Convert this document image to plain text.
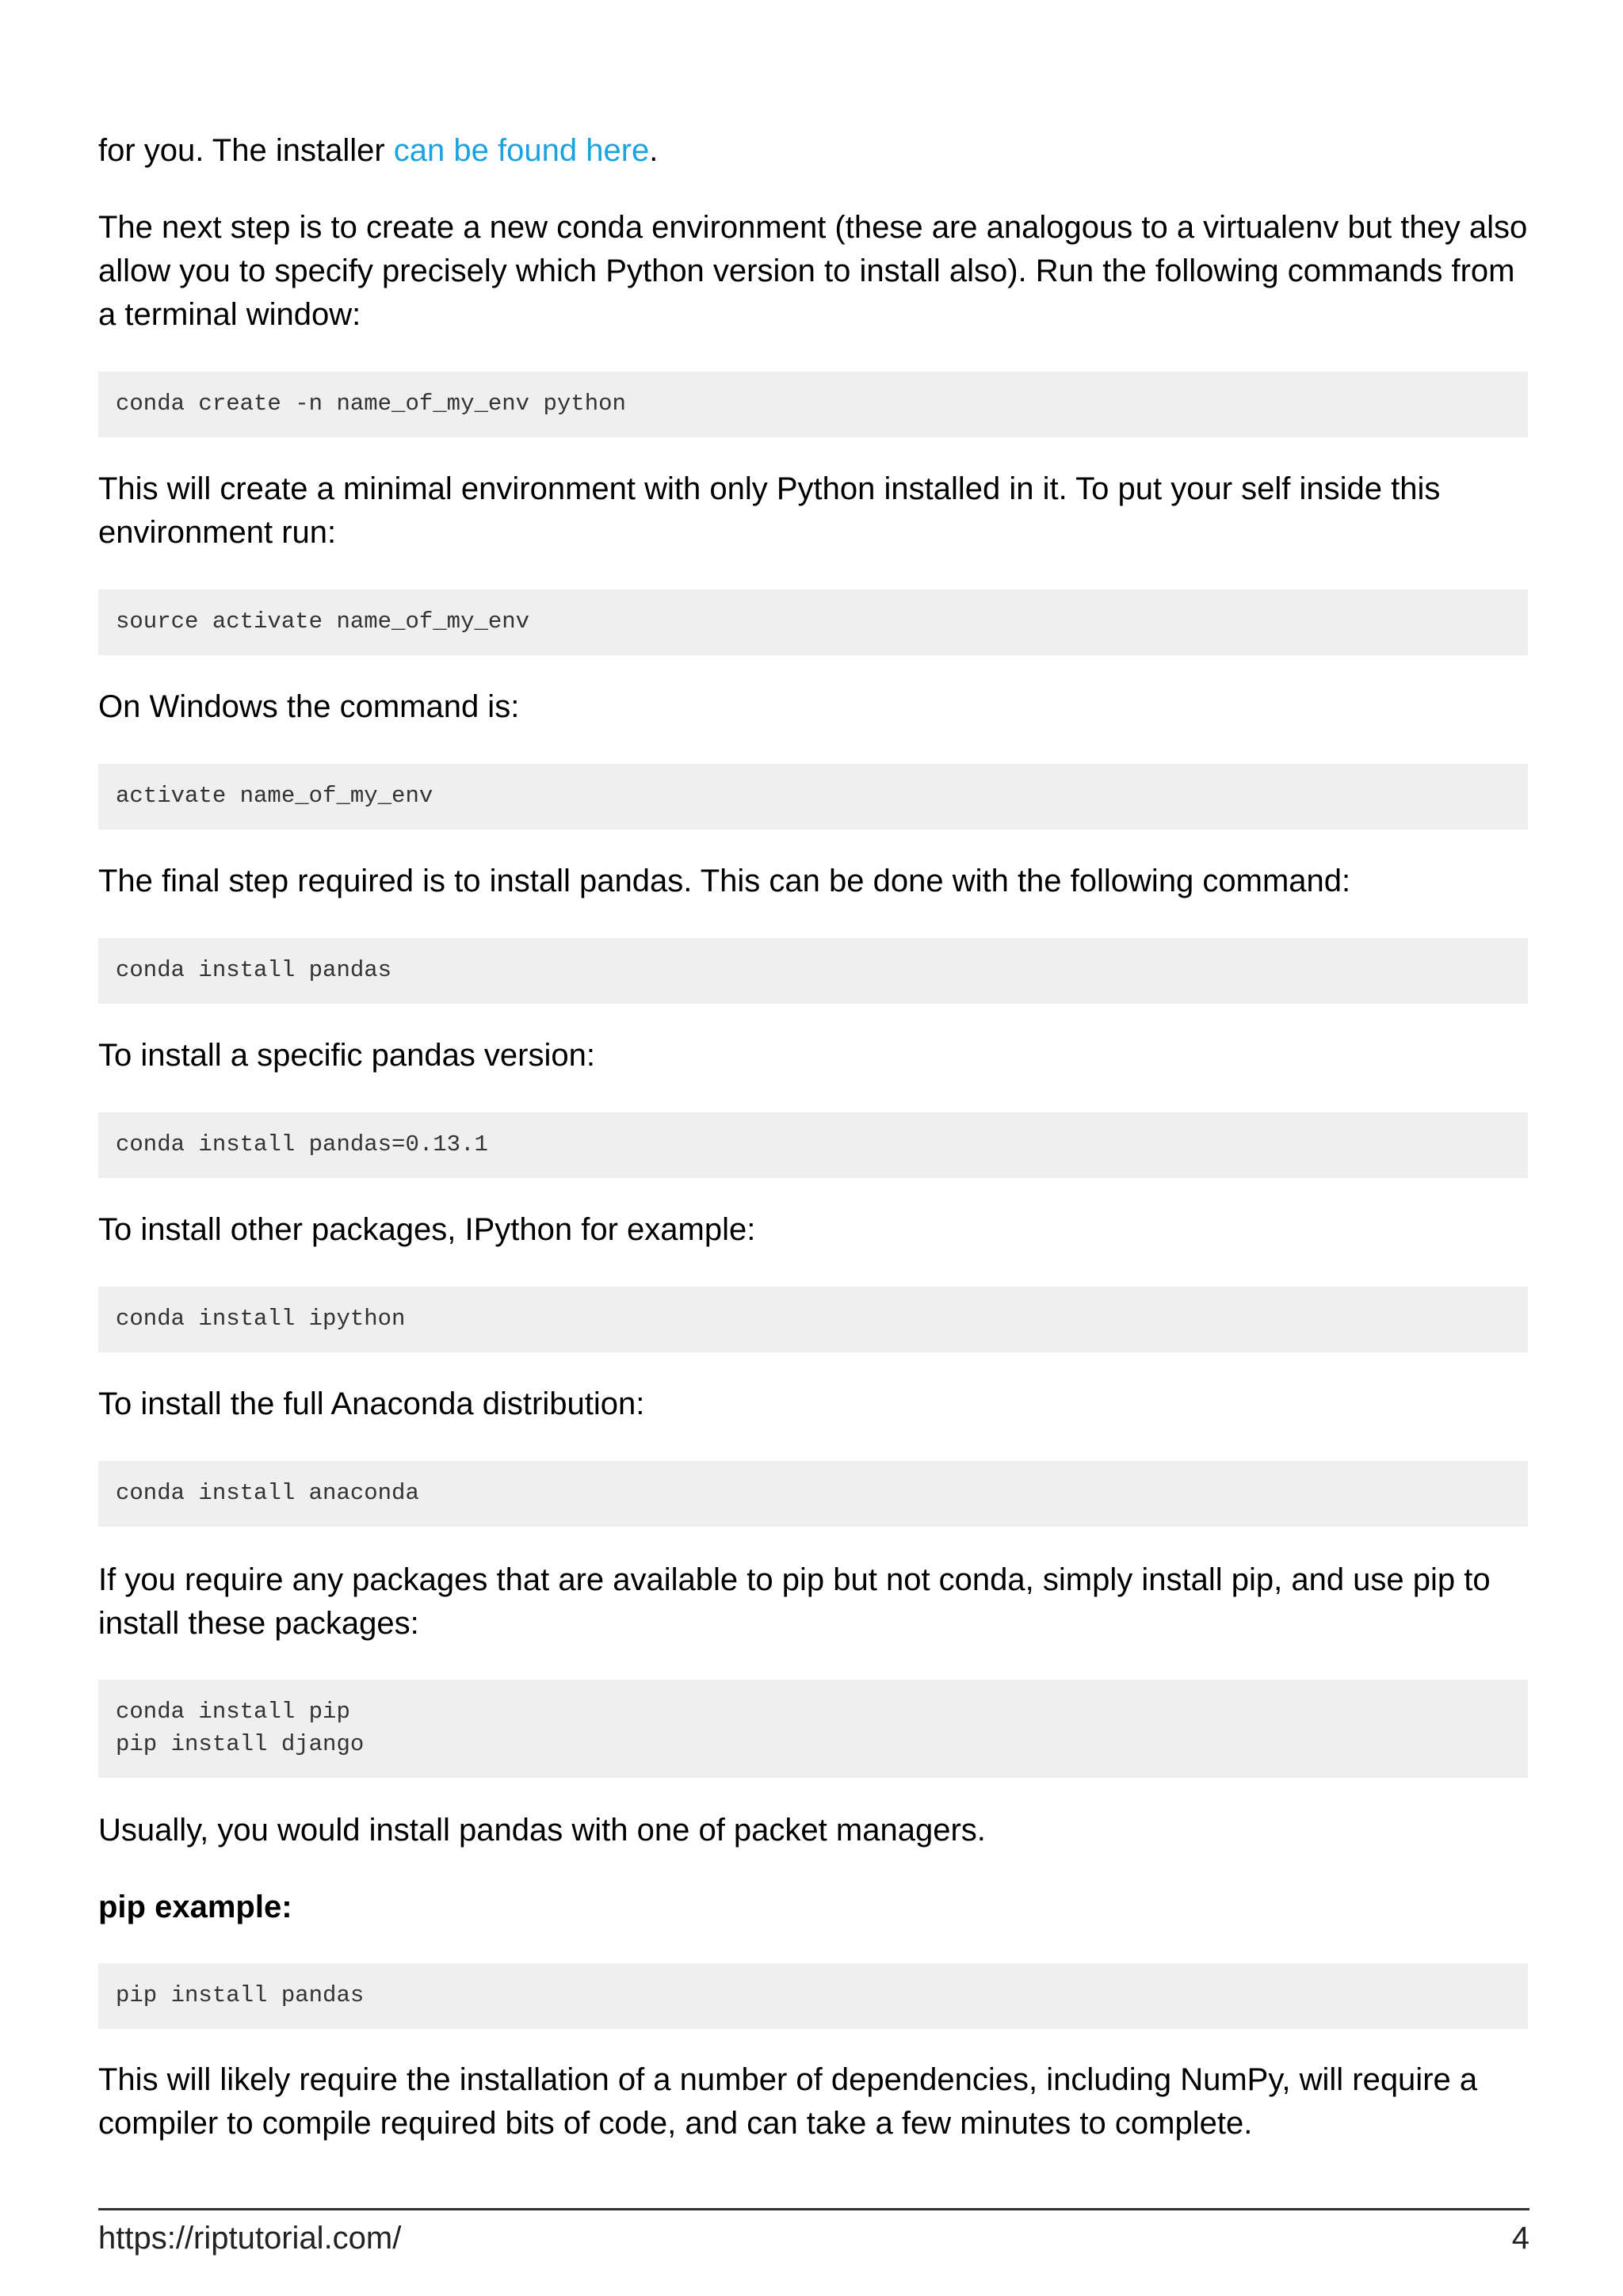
for you. The installer can be found here.

The next step is to create a new conda environment (these are analogous to a virtualenv but they also allow you to specify precisely which Python version to install also). Run the following commands from a terminal window:

conda create -n name_of_my_env python

This will create a minimal environment with only Python installed in it. To put your self inside this environment run:

source activate name_of_my_env

On Windows the command is:

activate name_of_my_env

The final step required is to install pandas. This can be done with the following command:

conda install pandas

To install a specific pandas version:

conda install pandas=0.13.1

To install other packages, IPython for example:

conda install ipython

To install the full Anaconda distribution:

conda install anaconda

If you require any packages that are available to pip but not conda, simply install pip, and use pip to install these packages:

conda install pip
pip install django

Usually, you would install pandas with one of packet managers.

pip example:

pip install pandas

This will likely require the installation of a number of dependencies, including NumPy, will require a compiler to compile required bits of code, and can take a few minutes to complete.

https://riptutorial.com/	4
